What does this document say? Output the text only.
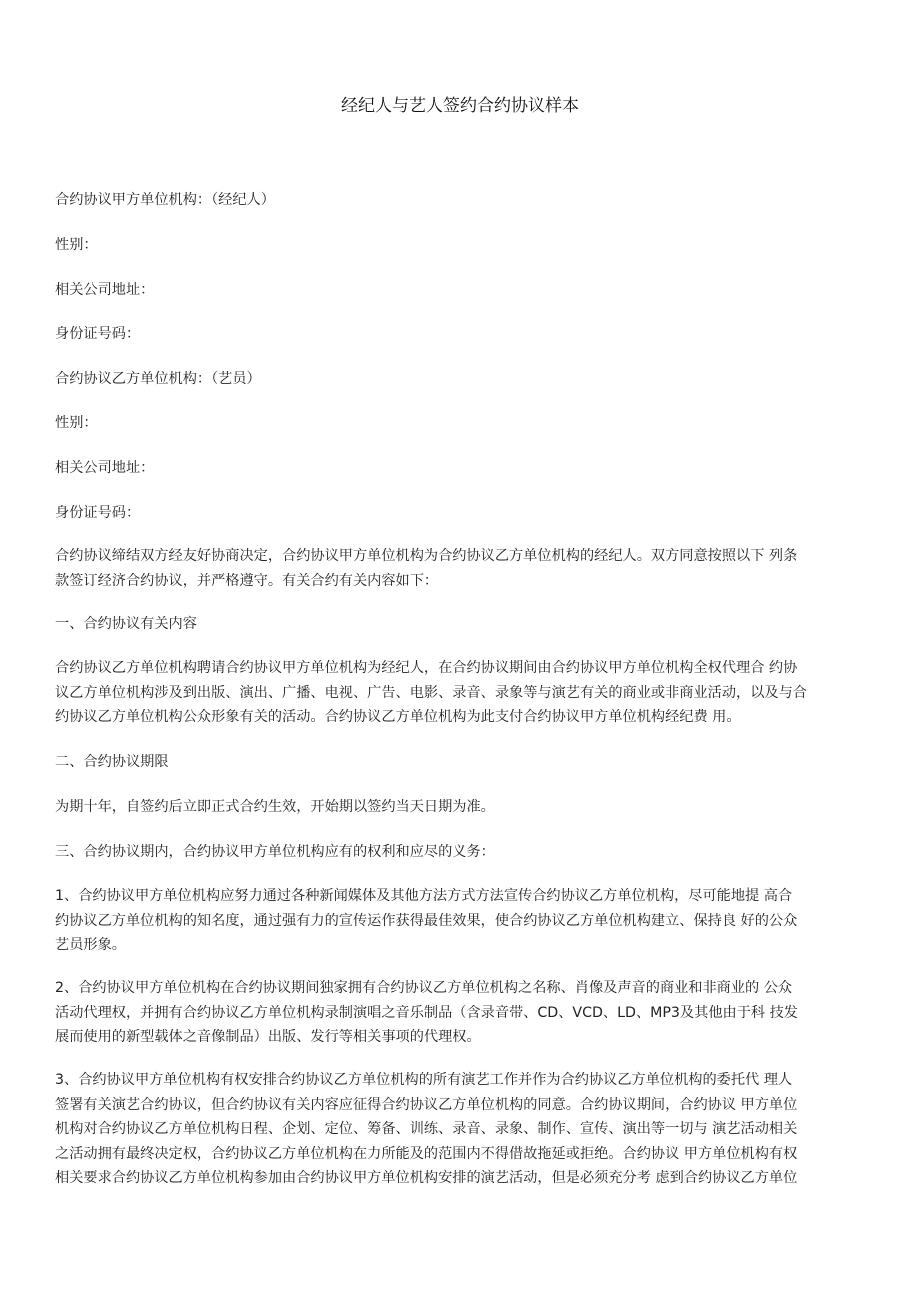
经纪人与艺人签约合约协议样本

合约协议甲方单位机构：（经纪人）

性别：

相关公司地址：

身份证号码：

合约协议乙方单位机构：（艺员）

性别：

相关公司地址：

身份证号码：

合约协议缔结双方经友好协商决定，合约协议甲方单位机构为合约协议乙方单位机构的经纪人。双方同意按照以下 列条
款签订经济合约协议，并严格遵守。有关合约有关内容如下：

一、合约协议有关内容

合约协议乙方单位机构聘请合约协议甲方单位机构为经纪人，在合约协议期间由合约协议甲方单位机构全权代理合 约协
议乙方单位机构涉及到出版、演出、广播、电视、广告、电影、录音、录象等与演艺有关的商业或非商业活动，以及与合
约协议乙方单位机构公众形象有关的活动。合约协议乙方单位机构为此支付合约协议甲方单位机构经纪费 用。

二、合约协议期限

为期十年，自签约后立即正式合约生效，开始期以签约当天日期为准。

三、合约协议期内，合约协议甲方单位机构应有的权利和应尽的义务：

1、合约协议甲方单位机构应努力通过各种新闻媒体及其他方法方式方法宣传合约协议乙方单位机构，尽可能地提 高合
约协议乙方单位机构的知名度，通过强有力的宣传运作获得最佳效果，使合约协议乙方单位机构建立、保持良 好的公众
艺员形象。
2、合约协议甲方单位机构在合约协议期间独家拥有合约协议乙方单位机构之名称、肖像及声音的商业和非商业的 公众
活动代理权，并拥有合约协议乙方单位机构录制演唱之音乐制品（含录音带、CD、VCD、LD、MP3及其他由于科 技发
展而使用的新型载体之音像制品）出版、发行等相关事项的代理权。
3、合约协议甲方单位机构有权安排合约协议乙方单位机构的所有演艺工作并作为合约协议乙方单位机构的委托代 理人
签署有关演艺合约协议，但合约协议有关内容应征得合约协议乙方单位机构的同意。合约协议期间，合约协议 甲方单位
机构对合约协议乙方单位机构日程、企划、定位、筹备、训练、录音、录象、制作、宣传、演出等一切与 演艺活动相关
之活动拥有最终决定权，合约协议乙方单位机构在力所能及的范围内不得借故拖延或拒绝。合约协议 甲方单位机构有权
相关要求合约协议乙方单位机构参加由合约协议甲方单位机构安排的演艺活动，但是必须充分考 虑到合约协议乙方单位
